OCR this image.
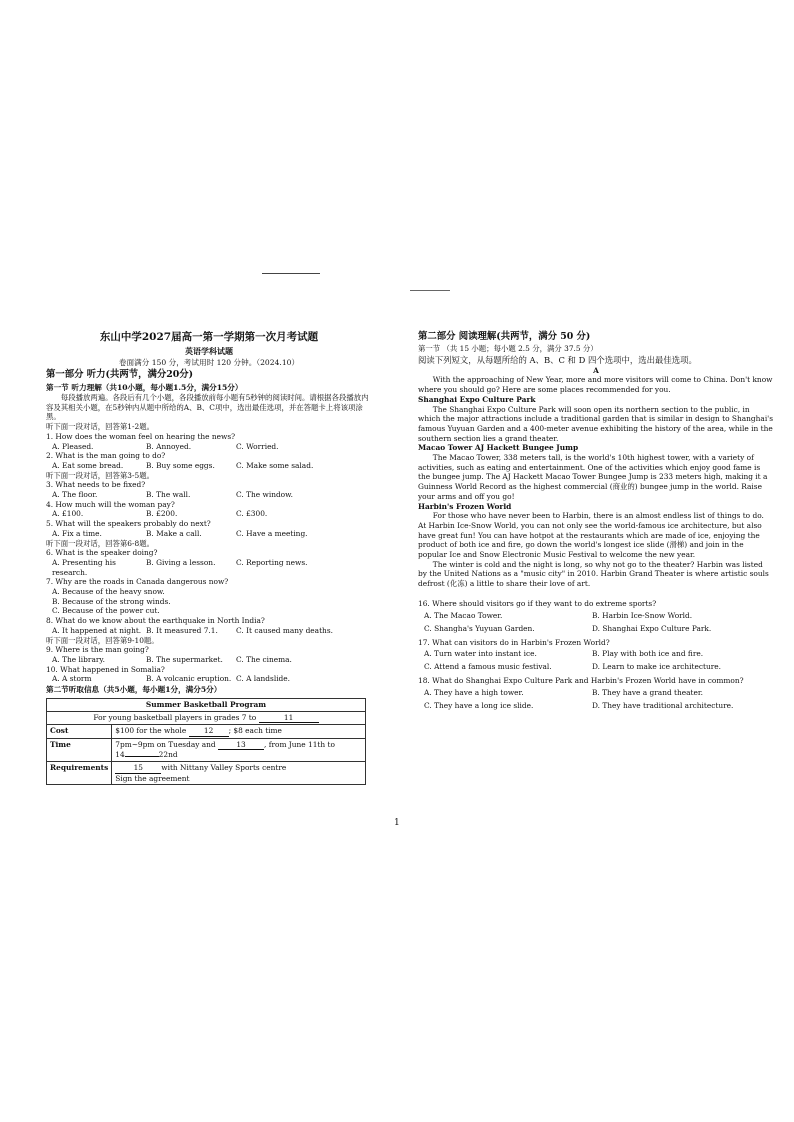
东山中学2027届高一第一学期第一次月考试题
英语学科试题
卷面满分 150 分，考试用时 120 分钟。（2024.10）
第一部分 听力(共两节，满分20分)
第一节 听力理解（共10小题，每小题1.5分，满分15分）

每段播放两遍。各段后有几个小题，各段播放前每小题有5秒钟的阅读时间。请根据各段播放内容及其相关小题，在5秒钟内从题中所给的A、B、C项中，选出最佳选项，并在答题卡上将该项涂黑。

听下面一段对话，回答第1-2题。

1. How does the woman feel on hearing the news?
A. Pleased.	B. Annoyed.	C. Worried.
2. What is the man going to do?
A. Eat some bread.	B. Buy some eggs.	C. Make some salad.
听下面一段对话，回答第3-5题。
3. What needs to be fixed?
A. The floor.	B. The wall.	C. The window.
4. How much will the woman pay?
A. £100.	B. £200.	C. £300.
5. What will the speakers probably do next?
A. Fix a time.	B. Make a call.	C. Have a meeting.
听下面一段对话，回答第6-8题。
6. What is the speaker doing?
A. Presenting his research.
B. Giving a lesson.	C. Reporting news.
7. Why are the roads in Canada dangerous now?
A. Because of the heavy snow.
B. Because of the strong winds.
C. Because of the power cut.
8. What do we know about the earthquake in North India?
A. It happened at night. B. It measured 7.1.	C. It caused many deaths.
听下面一段对话，回答第9-10题。
9. Where is the man going?
A. The library.	B. The supermarket.	C. The cinema.
10. What happened in Somalia?
A. A storm	B. A volcanic eruption. C. A landslide.
第二节听取信息（共5小题，每小题1分，满分5分）
Summer Basketball Program	
For young basketball players in grades 7 to 11	
Cost	$100 for the whole 12 ; $8 each time
Time	7pm~9pm on Tuesday and 13 , from June 11th to
14 22nd
Requirements	15 with Nittany Valley Sports centre
Sign the agreement
第二部分 阅读理解(共两节，满分 50 分)
第一节 （共 15 小题；每小题 2.5 分，满分 37.5 分）
阅读下列短文，从每题所给的 A、B、C 和 D 四个选项中，选出最佳选项。
A

With the approaching of New Year, more and more visitors will come to China. Don't know where you should go? Here are some places recommended for you.

Shanghai Expo Culture Park

The Shanghai Expo Culture Park will soon open its northern section to the public, in which the major attractions include a traditional garden that is similar in design to Shanghai's famous Yuyuan Garden and a 400-meter avenue exhibiting the history of the area, while in the southern section lies a grand theater.

Macao Tower AJ Hackett Bungee Jump

The Macao Tower, 338 meters tall, is the world's 10th highest tower, with a variety of activities, such as eating and entertainment. One of the activities which enjoy good fame is the bungee jump. The AJ Hackett Macao Tower Bungee Jump is 233 meters high, making it a Guinness World Record as the highest commercial (商业的) bungee jump in the world. Raise your arms and off you go!

Harbin's Frozen World

For those who have never been to Harbin, there is an almost endless list of things to do. At Harbin Ice-Snow World, you can not only see the world-famous ice architecture, but also have great fun! You can have hotpot at the restaurants which are made of ice, enjoying the product of both ice and fire, go down the world's longest ice slide (滑梯) and join in the popular Ice and Snow Electronic Music Festival to welcome the new year.

The winter is cold and the night is long, so why not go to the theater? Harbin was listed by the United Nations as a "music city" in 2010. Harbin Grand Theater is where artistic souls defrost (化冻) a little to share their love of art.

16. Where should visitors go if they want to do extreme sports?
A. The Macao Tower.	B. Harbin Ice-Snow World.
C. Shangha's Yuyuan Garden.	D. Shanghai Expo Culture Park.
17. What can visitors do in Harbin's Frozen World?
A. Turn water into instant ice.	B. Play with both ice and fire.
C. Attend a famous music festival.	D. Learn to make ice architecture.
18. What do Shanghai Expo Culture Park and Harbin's Frozen World have in common?
A. They have a high tower.	B. They have a grand theater.
C. They have a long ice slide.	D. They have traditional architecture.
1
